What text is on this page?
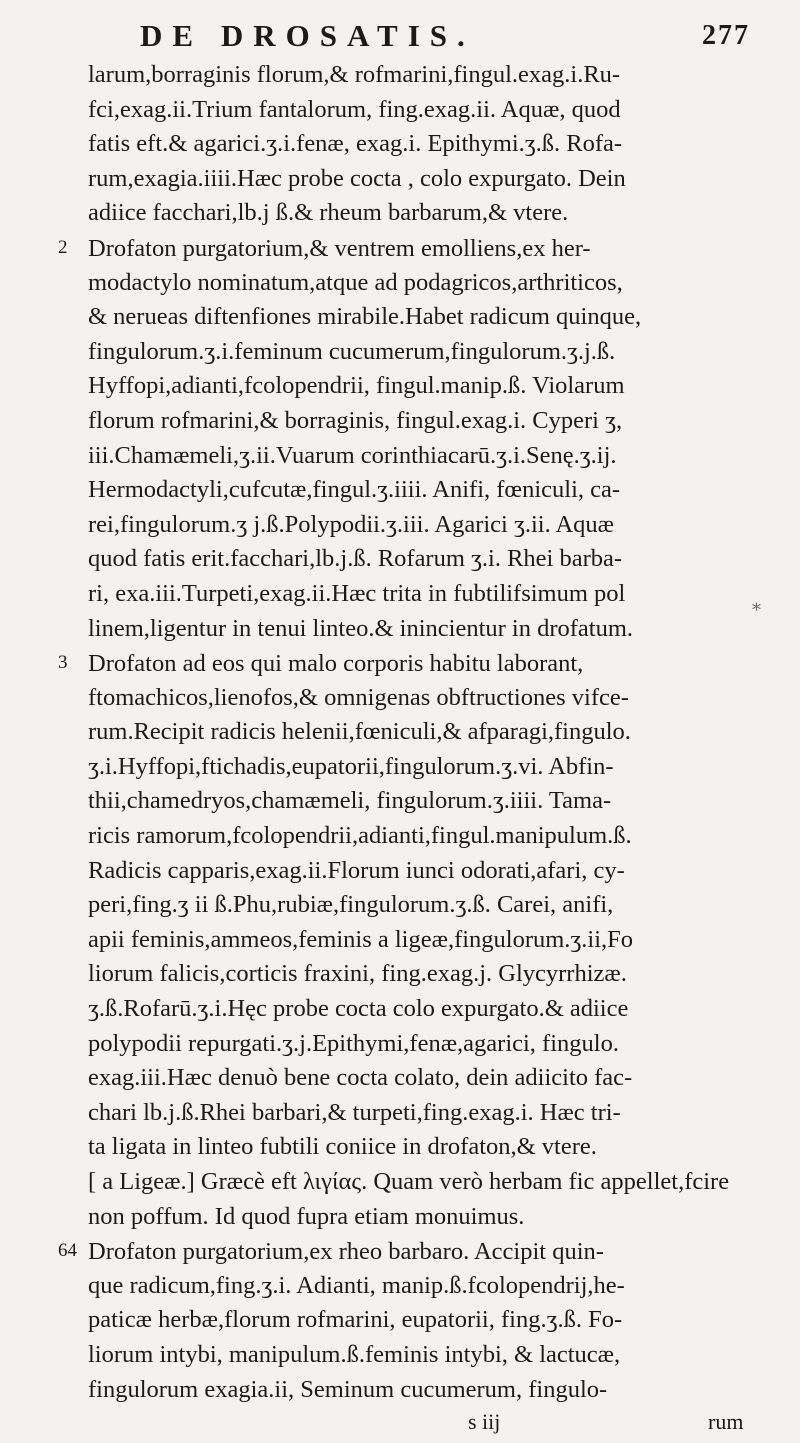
DE DROSATIS.	277
larum,borraginis florum,& rofmarini,fingul.exag.i.Ru-
fci,exag.ii.Trium fantalorum, fing.exag.ii. Aquæ, quod
fatis eft.& agarici.ʒ.i.fenæ, exag.i. Epithymi.ʒ.ß. Rofa-
rum,exagia.iiii.Hæc probe cocta , colo expurgato. Dein
adiice facchari,lb.j ß.& rheum barbarum,& vtere.
2 Drofaton purgatorium,& ventrem emolliens,ex her-
modactylo nominatum,atque ad podagricos,arthriticos,
& nerueas diftenfiones mirabile.Habet radicum quinque,
fingulorum.ʒ.i.feminum cucumerum,fingulorum.ʒ.j.ß.
Hyffopi,adianti,fcolopendrii, fingul.manip.ß. Violarum
florum rofmarini,& borraginis, fingul.exag.i. Cyperi ʒ,
iii.Chamæmeli,ʒ.ii.Vuarum corinthiacarū.ʒ.i.Senę.ʒ.ij.
Hermodactyli,cufcutæ,fingul.ʒ.iiii. Anifi, fœniculi, ca-
rei,fingulorum.ʒ j.ß.Polypodii.ʒ.iii. Agarici ʒ.ii. Aquæ
quod fatis erit.facchari,lb.j.ß. Rofarum ʒ.i. Rhei barba-
ri, exa.iii.Turpeti,exag.ii.Hæc trita in fubtilifsimum pol
linem,ligentur in tenui linteo.& inincientur in drofatum.
3 Drofaton ad eos qui malo corporis habitu laborant,
ftomachicos,lienofos,& omnigenas obftructiones vifce-
rum.Recipit radicis helenii,fœniculi,& afparagi,fingulo.
ʒ.i.Hyffopi,ftichadis,eupatorii,fingulorum.ʒ.vi. Abfin-
thii,chamedryos,chamæmeli, fingulorum.ʒ.iiii. Tama-
ricis ramorum,fcolopendrii,adianti,fingul.manipulum.ß.
Radicis capparis,exag.ii.Florum iunci odorati,afari, cy-
peri,fing.ʒ ii ß.Phu,rubiæ,fingulorum.ʒ.ß. Carei, anifi,
apii feminis,ammeos,feminis a ligeæ,fingulorum.ʒ.ii,Fo
liorum falicis,corticis fraxini, fing.exag.j. Glycyrrhizæ.
ʒ.ß.Rofarū.ʒ.i.Hęc probe cocta colo expurgato.& adiice
polypodii repurgati.ʒ.j.Epithymi,fenæ,agarici, fingulo.
exag.iii.Hæc denuò bene cocta colato, dein adiicito fac-
chari lb.j.ß.Rhei barbari,& turpeti,fing.exag.i. Hæc tri-
ta ligata in linteo fubtili coniice in drofaton,& vtere.
[ a Ligeæ.] Græcè eft λιγίας. Quam verò herbam fic appellet,fcire
non poffum. Id quod fupra etiam monuimus.
64 Drofaton purgatorium,ex rheo barbaro. Accipit quin-
que radicum,fing.ʒ.i. Adianti, manip.ß.fcolopendrij,he-
paticæ herbæ,florum rofmarini, eupatorii, fing.ʒ.ß. Fo-
liorum intybi, manipulum.ß.feminis intybi, & lactucæ,
fingulorum exagia.ii, Seminum cucumerum, fingulo-
s iij	rum
*
